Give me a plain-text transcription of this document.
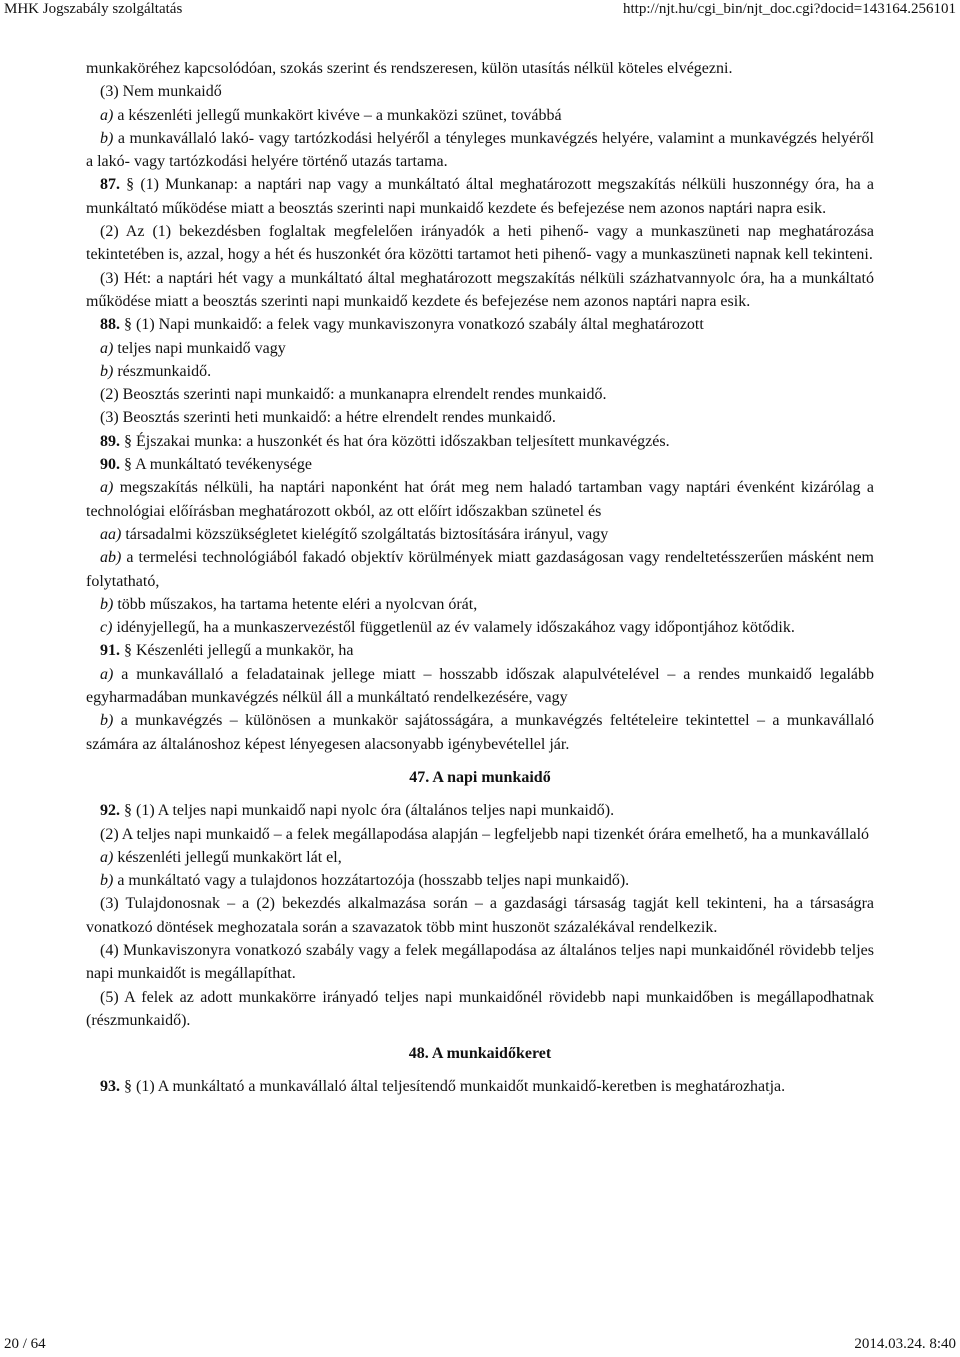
MHK Jogszabály szolgáltatás	http://njt.hu/cgi_bin/njt_doc.cgi?docid=143164.256101

munkaköréhez kapcsolódóan, szokás szerint és rendszeresen, külön utasítás nélkül köteles elvégezni.

(3) Nem munkaidő

a) a készenléti jellegű munkakört kivéve – a munkaközi szünet, továbbá

b) a munkavállaló lakó- vagy tartózkodási helyéről a tényleges munkavégzés helyére, valamint a munkavégzés helyéről a lakó- vagy tartózkodási helyére történő utazás tartama.

87. § (1) Munkanap: a naptári nap vagy a munkáltató által meghatározott megszakítás nélküli huszonnégy óra, ha a munkáltató működése miatt a beosztás szerinti napi munkaidő kezdete és befejezése nem azonos naptári napra esik.

(2) Az (1) bekezdésben foglaltak megfelelően irányadók a heti pihenő- vagy a munkaszüneti nap meghatározása tekintetében is, azzal, hogy a hét és huszonkét óra közötti tartamot heti pihenő- vagy a munkaszüneti napnak kell tekinteni.

(3) Hét: a naptári hét vagy a munkáltató által meghatározott megszakítás nélküli százhatvannyolc óra, ha a munkáltató működése miatt a beosztás szerinti napi munkaidő kezdete és befejezése nem azonos naptári napra esik.

88. § (1) Napi munkaidő: a felek vagy munkaviszonyra vonatkozó szabály által meghatározott

a) teljes napi munkaidő vagy

b) részmunkaidő.

(2) Beosztás szerinti napi munkaidő: a munkanapra elrendelt rendes munkaidő.

(3) Beosztás szerinti heti munkaidő: a hétre elrendelt rendes munkaidő.

89. § Éjszakai munka: a huszonkét és hat óra közötti időszakban teljesített munkavégzés.

90. § A munkáltató tevékenysége

a) megszakítás nélküli, ha naptári naponként hat órát meg nem haladó tartamban vagy naptári évenként kizárólag a technológiai előírásban meghatározott okból, az ott előírt időszakban szünetel és

aa) társadalmi közszükségletet kielégítő szolgáltatás biztosítására irányul, vagy

ab) a termelési technológiából fakadó objektív körülmények miatt gazdaságosan vagy rendeltetésszerűen másként nem folytatható,

b) több műszakos, ha tartama hetente eléri a nyolcvan órát,

c) idényjellegű, ha a munkaszervezéstől függetlenül az év valamely időszakához vagy időpontjához kötődik.

91. § Készenléti jellegű a munkakör, ha

a) a munkavállaló a feladatainak jellege miatt – hosszabb időszak alapulvételével – a rendes munkaidő legalább egyharmadában munkavégzés nélkül áll a munkáltató rendelkezésére, vagy

b) a munkavégzés – különösen a munkakör sajátosságára, a munkavégzés feltételeire tekintettel – a munkavállaló számára az általánoshoz képest lényegesen alacsonyabb igénybevétellel jár.

47. A napi munkaidő

92. § (1) A teljes napi munkaidő napi nyolc óra (általános teljes napi munkaidő).

(2) A teljes napi munkaidő – a felek megállapodása alapján – legfeljebb napi tizenkét órára emelhető, ha a munkavállaló

a) készenléti jellegű munkakört lát el,

b) a munkáltató vagy a tulajdonos hozzátartozója (hosszabb teljes napi munkaidő).

(3) Tulajdonosnak – a (2) bekezdés alkalmazása során – a gazdasági társaság tagját kell tekinteni, ha a társaságra vonatkozó döntések meghozatala során a szavazatok több mint huszonöt százalékával rendelkezik.

(4) Munkaviszonyra vonatkozó szabály vagy a felek megállapodása az általános teljes napi munkaidőnél rövidebb teljes napi munkaidőt is megállapíthat.

(5) A felek az adott munkakörre irányadó teljes napi munkaidőnél rövidebb napi munkaidőben is megállapodhatnak (részmunkaidő).

48. A munkaidőkeret

93. § (1) A munkáltató a munkavállaló által teljesítendő munkaidőt munkaidő-keretben is meghatározhatja.

20 / 64	2014.03.24. 8:40
